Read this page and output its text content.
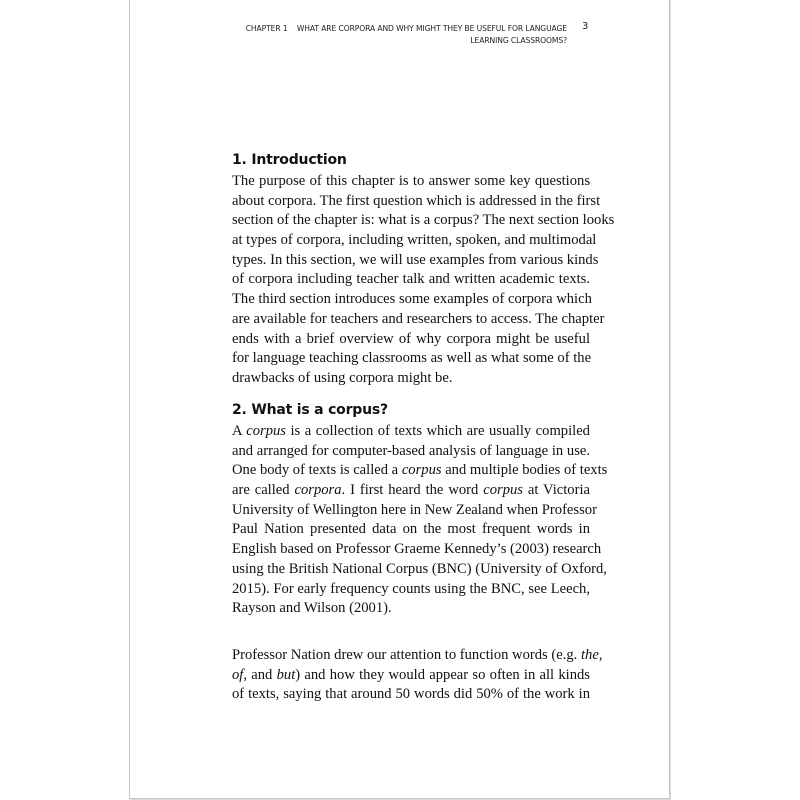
CHAPTER 1    WHAT ARE CORPORA AND WHY MIGHT THEY BE USEFUL FOR LANGUAGE
LEARNING CLASSROOMS?
3
1. Introduction
The purpose of this chapter is to answer some key questions
about corpora. The first question which is addressed in the first
section of the chapter is: what is a corpus? The next section looks
at types of corpora, including written, spoken, and multimodal
types. In this section, we will use examples from various kinds
of corpora including teacher talk and written academic texts.
The third section introduces some examples of corpora which
are available for teachers and researchers to access. The chapter
ends with a brief overview of why corpora might be useful
for language teaching classrooms as well as what some of the
drawbacks of using corpora might be.
2. What is a corpus?
A corpus is a collection of texts which are usually compiled
and arranged for computer-based analysis of language in use.
One body of texts is called a corpus and multiple bodies of texts
are called corpora. I first heard the word corpus at Victoria
University of Wellington here in New Zealand when Professor
Paul Nation presented data on the most frequent words in
English based on Professor Graeme Kennedy’s (2003) research
using the British National Corpus (BNC) (University of Oxford,
2015). For early frequency counts using the BNC, see Leech,
Rayson and Wilson (2001).
Professor Nation drew our attention to function words (e.g. the,
of, and but) and how they would appear so often in all kinds
of texts, saying that around 50 words did 50% of the work in
